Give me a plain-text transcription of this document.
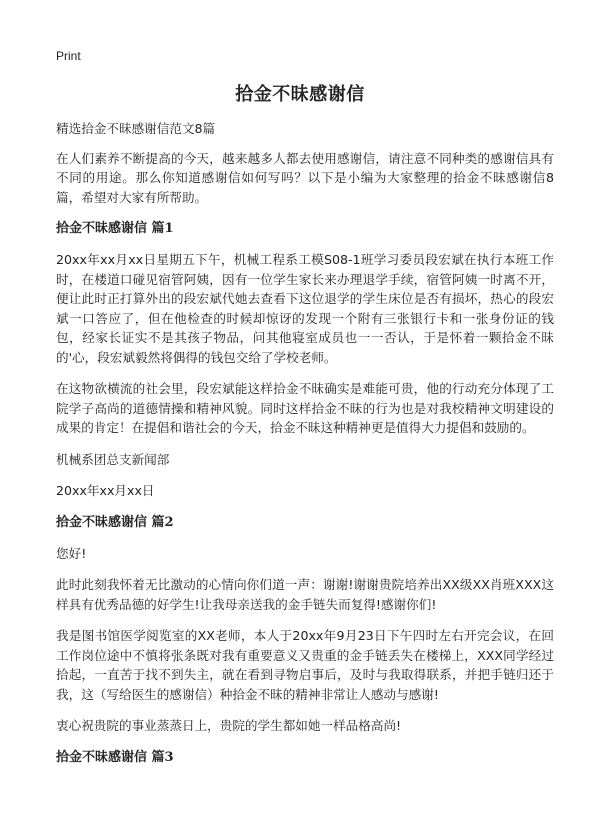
Print
拾金不昧感谢信

精选拾金不昧感谢信范文8篇

在人们素养不断提高的今天，越来越多人都去使用感谢信，请注意不同种类的感谢信具有不同的用途。那么你知道感谢信如何写吗？以下是小编为大家整理的拾金不昧感谢信8篇，希望对大家有所帮助。

拾金不昧感谢信 篇1

20xx年xx月xx日星期五下午，机械工程系工模S08-1班学习委员段宏斌在执行本班工作时，在楼道口碰见宿管阿姨，因有一位学生家长来办理退学手续，宿管阿姨一时离不开，便让此时正打算外出的段宏斌代她去查看下这位退学的学生床位是否有损坏，热心的段宏斌一口答应了，但在他检查的时候却惊讶的发现一个附有三张银行卡和一张身份证的钱包，经家长证实不是其孩子物品，问其他寝室成员也一一否认，于是怀着一颗拾金不昧的'心，段宏斌毅然将偶得的钱包交给了学校老师。

在这物欲横流的社会里，段宏斌能这样拾金不昧确实是难能可贵，他的行动充分体现了工院学子高尚的道德情操和精神风貌。同时这样拾金不昧的行为也是对我校精神文明建设的成果的肯定！在提倡和谐社会的今天，拾金不昧这种精神更是值得大力提倡和鼓励的。

机械系团总支新闻部

20xx年xx月xx日

拾金不昧感谢信 篇2

您好!

此时此刻我怀着无比激动的心情向你们道一声：谢谢!谢谢贵院培养出XX级XX肖班XXX这样具有优秀品德的好学生!让我母亲送我的金手链失而复得!感谢你们!

我是图书馆医学阅览室的XX老师，本人于20xx年9月23日下午四时左右开完会议，在回工作岗位途中不慎将张条既对我有重要意义又贵重的金手链丢失在楼梯上，XXX同学经过拾起，一直苦于找不到失主，就在看到寻物启事后，及时与我取得联系，并把手链归还于我，这（写给医生的感谢信）种拾金不昧的精神非常让人感动与感谢!

衷心祝贵院的事业蒸蒸日上，贵院的学生都如她一样品格高尚!

拾金不昧感谢信 篇3
